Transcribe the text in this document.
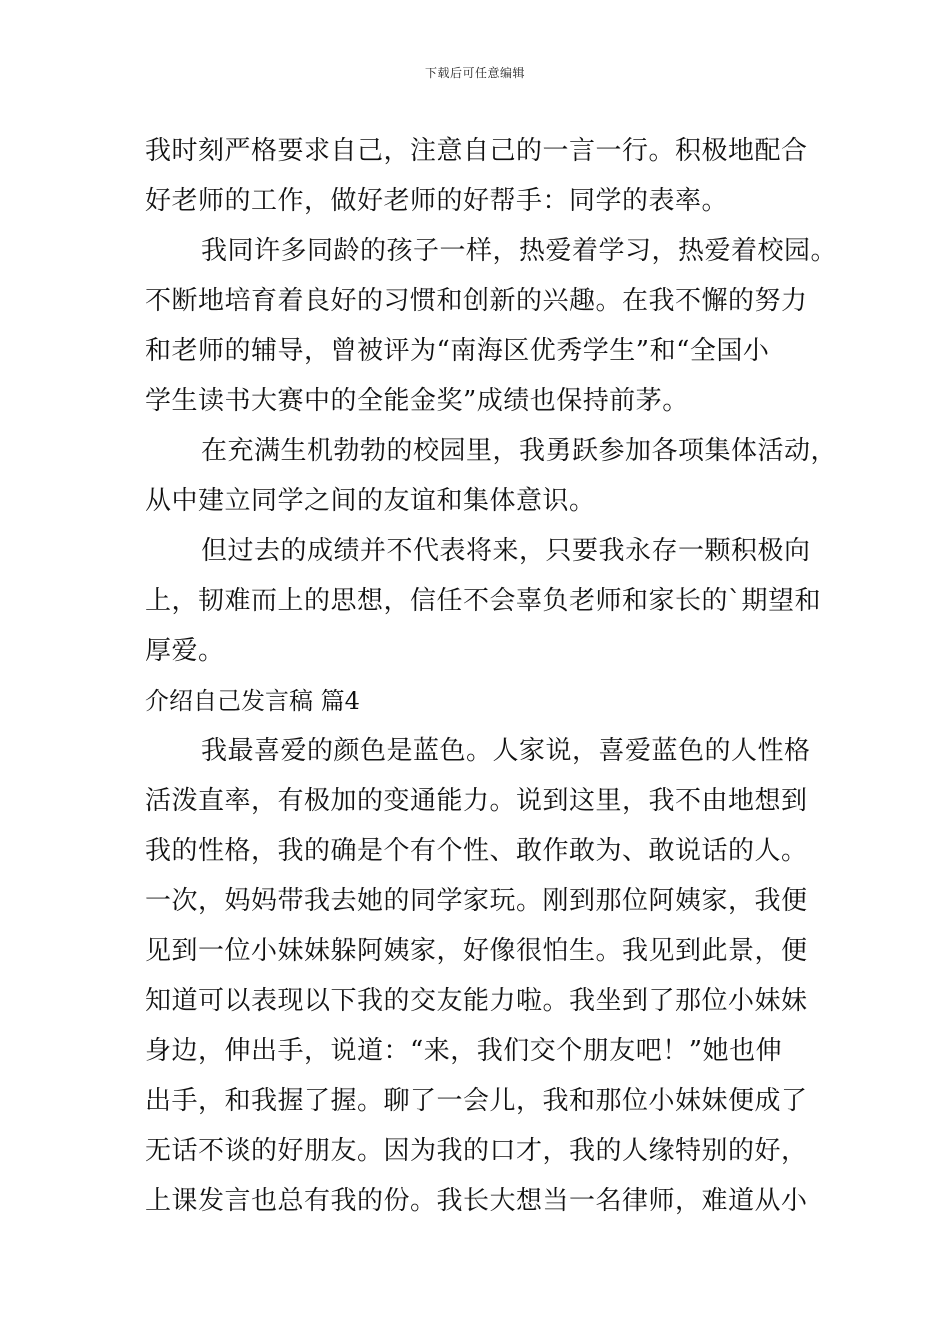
下载后可任意编辑
我时刻严格要求自己，注意自己的一言一行。积极地配合
好老师的工作，做好老师的好帮手：同学的表率。
我同许多同龄的孩子一样，热爱着学习，热爱着校园。
不断地培育着良好的习惯和创新的兴趣。在我不懈的努力
和老师的辅导，曾被评为“南海区优秀学生”和“全国小
学生读书大赛中的全能金奖”成绩也保持前茅。
在充满生机勃勃的校园里，我勇跃参加各项集体活动，
从中建立同学之间的友谊和集体意识。
但过去的成绩并不代表将来，只要我永存一颗积极向
上，韧难而上的思想，信任不会辜负老师和家长的`期望和
厚爱。
介绍自己发言稿 篇4
我最喜爱的颜色是蓝色。人家说，喜爱蓝色的人性格
活泼直率，有极加的变通能力。说到这里，我不由地想到
我的性格，我的确是个有个性、敢作敢为、敢说话的人。
一次，妈妈带我去她的同学家玩。刚到那位阿姨家，我便
见到一位小妹妹躲阿姨家，好像很怕生。我见到此景，便
知道可以表现以下我的交友能力啦。我坐到了那位小妹妹
身边，伸出手，说道：“来，我们交个朋友吧！”她也伸
出手，和我握了握。聊了一会儿，我和那位小妹妹便成了
无话不谈的好朋友。因为我的口才，我的人缘特别的好，
上课发言也总有我的份。我长大想当一名律师，难道从小
